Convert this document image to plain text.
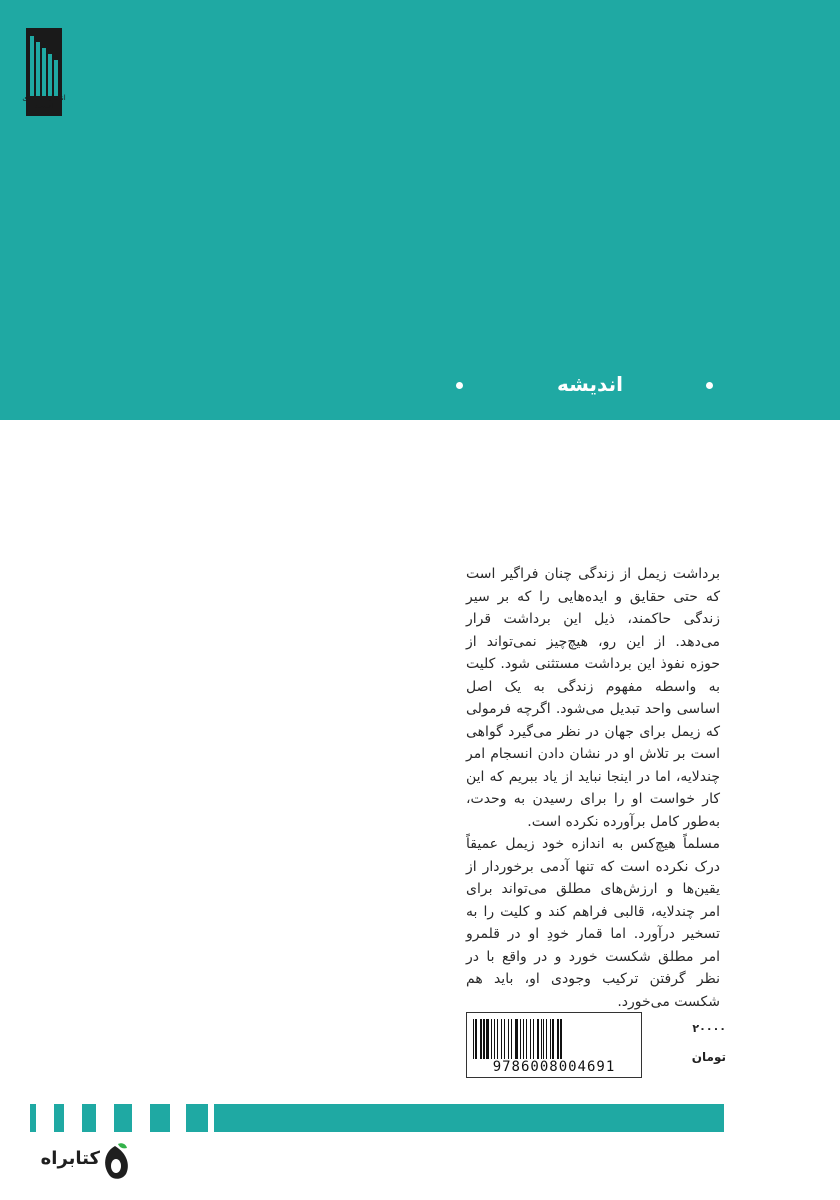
انتشارات دنیای اقتصاد
اندیشه

برداشت زیمل از زندگی چنان فراگیر است که حتی حقایق و ایده‌هایی را که بر سیر زندگی حاکمند، ذیل این برداشت قرار می‌دهد. از این رو، هیچ‌چیز نمی‌تواند از حوزه نفوذ این برداشت مستثنی شود. کلیت به واسطه مفهوم زندگی به یک اصل اساسی واحد تبدیل می‌شود. اگرچه فرمولی که زیمل برای جهان در نظر می‌گیرد گواهی است بر تلاش او در نشان دادن انسجام امر چندلایه، اما در اینجا نباید از یاد ببریم که این کار خواست او را برای رسیدن به وحدت، به‌طور کامل برآورده نکرده است.

مسلماً هیچ‌کس به اندازه خود زیمل عمیقاً درک نکرده است که تنها آدمی برخوردار از یقین‌ها و ارزش‌های مطلق می‌تواند برای امر چندلایه، قالبی فراهم کند و کلیت را به تسخیر درآورد. اما قمار خودِ او در قلمرو امر مطلق شکست خورد و در واقع با در نظر گرفتن ترکیب وجودی او، باید هم شکست می‌خورد.

9786008004691
۲۰۰۰۰
تومان
کتابراه
